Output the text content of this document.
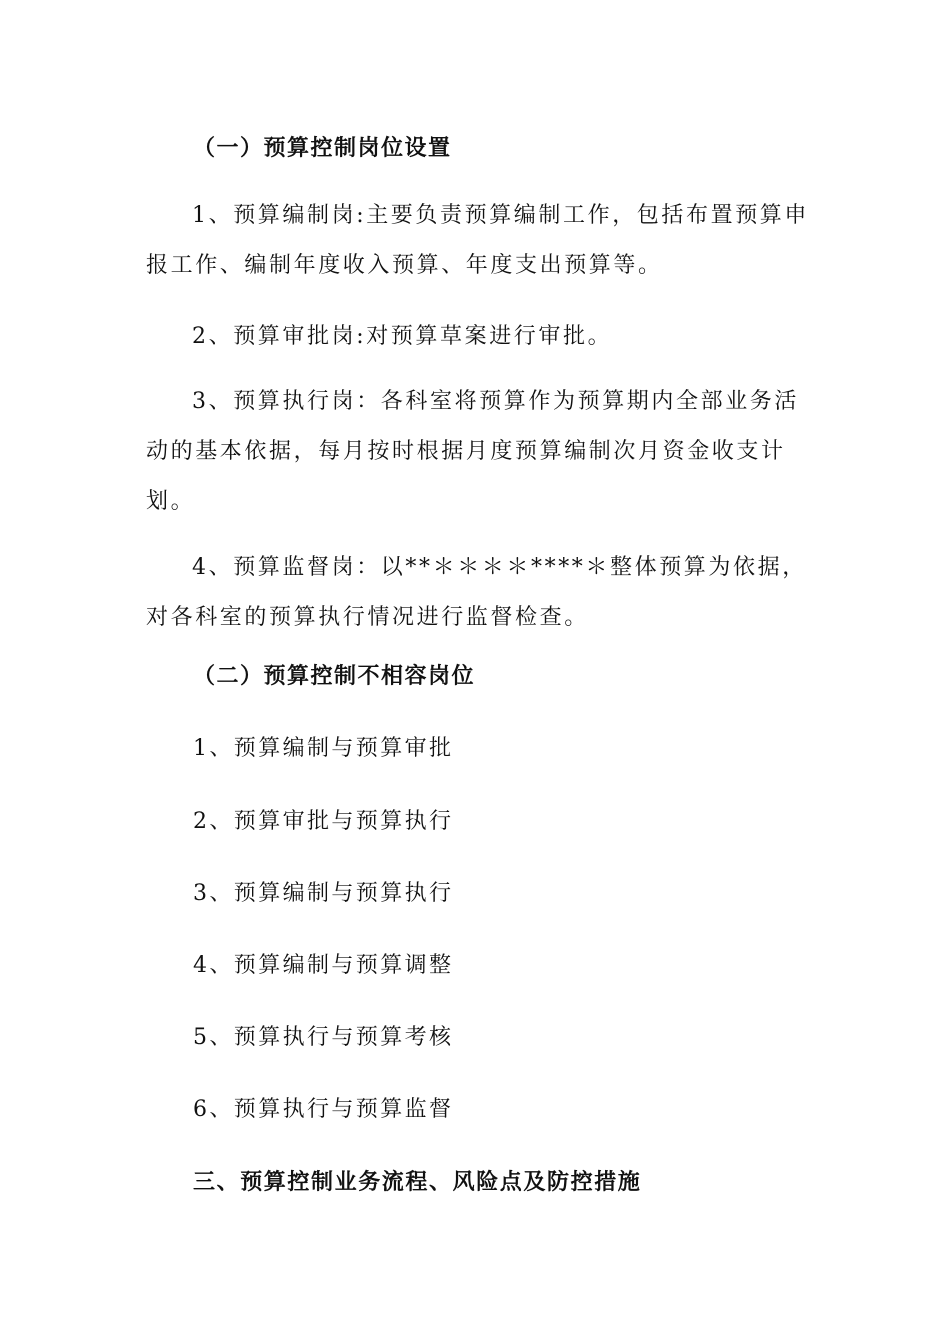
（一）预算控制岗位设置

1、预算编制岗:主要负责预算编制工作，包括布置预算申报工作、编制年度收入预算、年度支出预算等。

2、预算审批岗:对预算草案进行审批。

3、预算执行岗：各科室将预算作为预算期内全部业务活动的基本依据，每月按时根据月度预算编制次月资金收支计划。

4、预算监督岗：以**＊＊＊＊****＊整体预算为依据，对各科室的预算执行情况进行监督检查。

（二）预算控制不相容岗位

1、预算编制与预算审批

2、预算审批与预算执行

3、预算编制与预算执行

4、预算编制与预算调整

5、预算执行与预算考核

6、预算执行与预算监督

三、预算控制业务流程、风险点及防控措施
